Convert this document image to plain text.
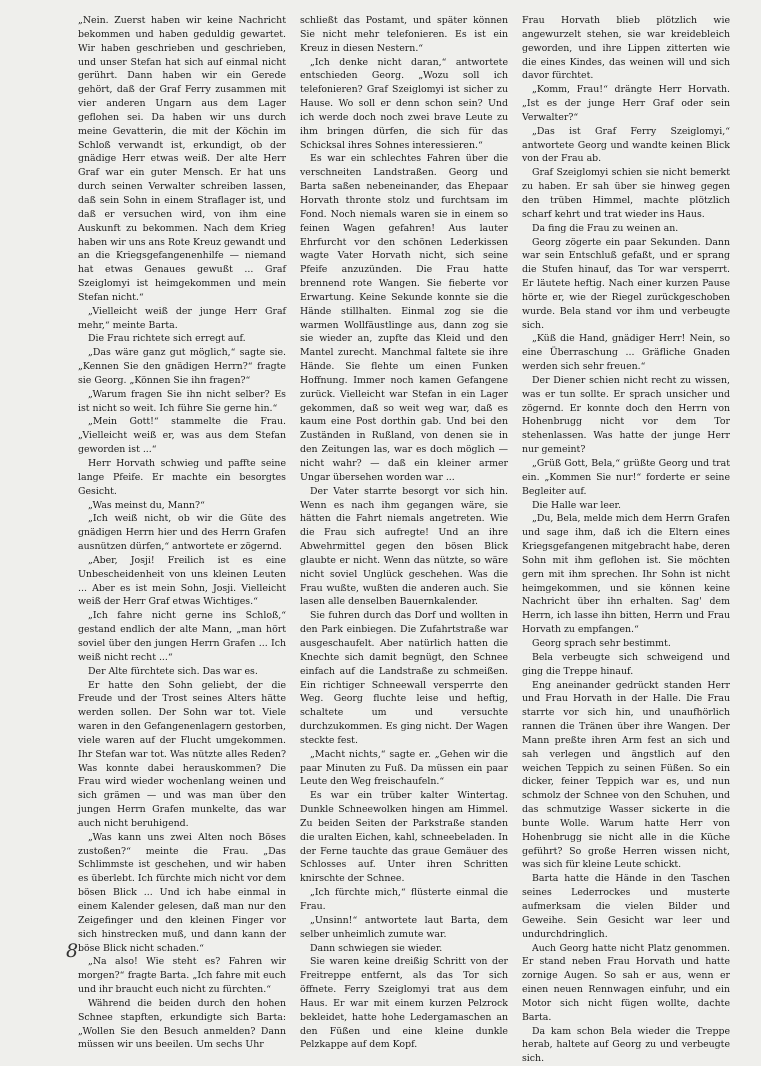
„Nein. Zuerst haben wir keine Nachricht bekommen und haben geduldig gewartet. Wir haben geschrieben und geschrieben, und unser Stefan hat sich auf einmal nicht gerührt. Dann haben wir ein Gerede gehört, daß der Graf Ferry zusammen mit vier anderen Ungarn aus dem Lager geflohen sei. Da haben wir uns durch meine Gevatterin, die mit der Köchin im Schloß verwandt ist, erkundigt, ob der gnädige Herr etwas weiß. Der alte Herr Graf war ein guter Mensch. Er hat uns durch seinen Verwalter schreiben lassen, daß sein Sohn in einem Straflager ist, und daß er versuchen wird, von ihm eine Auskunft zu bekommen. Nach dem Krieg haben wir uns ans Rote Kreuz gewandt und an die Kriegsgefangenenhilfe — niemand hat etwas Genaues gewußt ... Graf Szeiglomyi ist heimgekommen und mein Stefan nicht.“

„Vielleicht weiß der junge Herr Graf mehr,“ meinte Barta.

Die Frau richtete sich erregt auf.

„Das wäre ganz gut möglich,“ sagte sie. „Kennen Sie den gnädigen Herrn?“ fragte sie Georg. „Können Sie ihn fragen?“

„Warum fragen Sie ihn nicht selber? Es ist nicht so weit. Ich führe Sie gerne hin.“

„Mein Gott!“ stammelte die Frau. „Vielleicht weiß er, was aus dem Stefan geworden ist ...“

Herr Horvath schwieg und paffte seine lange Pfeife. Er machte ein besorgtes Gesicht.

„Was meinst du, Mann?“

„Ich weiß nicht, ob wir die Güte des gnädigen Herrn hier und des Herrn Grafen ausnützen dürfen,“ antwortete er zögernd.

„Aber, Josji! Freilich ist es eine Unbescheidenheit von uns kleinen Leuten ... Aber es ist mein Sohn, Josji. Vielleicht weiß der Herr Graf etwas Wichtiges.“

„Ich fahre nicht gerne ins Schloß,“ gestand endlich der alte Mann, „man hört soviel über den jungen Herrn Grafen ... Ich weiß nicht recht ...“

Der Alte fürchtete sich. Das war es.

Er hatte den Sohn geliebt, der die Freude und der Trost seines Alters hätte werden sollen. Der Sohn war tot. Viele waren in den Gefangenenlagern gestorben, viele waren auf der Flucht umgekommen. Ihr Stefan war tot. Was nützte alles Reden? Was konnte dabei herauskommen? Die Frau wird wieder wochenlang weinen und sich grämen — und was man über den jungen Herrn Grafen munkelte, das war auch nicht beruhigend.

„Was kann uns zwei Alten noch Böses zustoßen?“ meinte die Frau. „Das Schlimmste ist geschehen, und wir haben es überlebt. Ich fürchte mich nicht vor dem bösen Blick ... Und ich habe einmal in einem Kalender gelesen, daß man nur den Zeigefinger und den kleinen Finger vor sich hinstrecken muß, und dann kann der böse Blick nicht schaden.“

„Na also! Wie steht es? Fahren wir morgen?“ fragte Barta. „Ich fahre mit euch und ihr braucht euch nicht zu fürchten.“

Während die beiden durch den hohen Schnee stapften, erkundigte sich Barta: „Wollen Sie den Besuch anmelden? Dann müssen wir uns beeilen. Um sechs Uhr

schließt das Postamt, und später können Sie nicht mehr telefonieren. Es ist ein Kreuz in diesen Nestern.“

„Ich denke nicht daran,“ antwortete entschieden Georg. „Wozu soll ich telefonieren? Graf Szeiglomyi ist sicher zu Hause. Wo soll er denn schon sein? Und ich werde doch noch zwei brave Leute zu ihm bringen dürfen, die sich für das Schicksal ihres Sohnes interessieren.“

Es war ein schlechtes Fahren über die verschneiten Landstraßen. Georg und Barta saßen nebeneinander, das Ehepaar Horvath thronte stolz und furchtsam im Fond. Noch niemals waren sie in einem so feinen Wagen gefahren! Aus lauter Ehrfurcht vor den schönen Lederkissen wagte Vater Horvath nicht, sich seine Pfeife anzuzünden. Die Frau hatte brennend rote Wangen. Sie fieberte vor Erwartung. Keine Sekunde konnte sie die Hände stillhalten. Einmal zog sie die warmen Wollfäustlinge aus, dann zog sie sie wieder an, zupfte das Kleid und den Mantel zurecht. Manchmal faltete sie ihre Hände. Sie flehte um einen Funken Hoffnung. Immer noch kamen Gefangene zurück. Vielleicht war Stefan in ein Lager gekommen, daß so weit weg war, daß es kaum eine Post dorthin gab. Und bei den Zuständen in Rußland, von denen sie in den Zeitungen las, war es doch möglich — nicht wahr? — daß ein kleiner armer Ungar übersehen worden war ...

Der Vater starrte besorgt vor sich hin. Wenn es nach ihm gegangen wäre, sie hätten die Fahrt niemals angetreten. Wie die Frau sich aufregte! Und an ihre Abwehrmittel gegen den bösen Blick glaubte er nicht. Wenn das nützte, so wäre nicht soviel Unglück geschehen. Was die Frau wußte, wußten die anderen auch. Sie lasen alle denselben Bauernkalender.

Sie fuhren durch das Dorf und wollten in den Park einbiegen. Die Zufahrtstraße war ausgeschaufelt. Aber natürlich hatten die Knechte sich damit begnügt, den Schnee einfach auf die Landstraße zu schmeißen. Ein richtiger Schneewall versperrte den Weg. Georg fluchte leise und heftig, schaltete um und versuchte durchzukommen. Es ging nicht. Der Wagen steckte fest.

„Macht nichts,“ sagte er. „Gehen wir die paar Minuten zu Fuß. Da müssen ein paar Leute den Weg freischaufeln.“

Es war ein trüber kalter Wintertag. Dunkle Schneewolken hingen am Himmel. Zu beiden Seiten der Parkstraße standen die uralten Eichen, kahl, schneebeladen. In der Ferne tauchte das graue Gemäuer des Schlosses auf. Unter ihren Schritten knirschte der Schnee.

„Ich fürchte mich,“ flüsterte einmal die Frau.

„Unsinn!“ antwortete laut Barta, dem selber unheimlich zumute war.

Dann schwiegen sie wieder.

Sie waren keine dreißig Schritt von der Freitreppe entfernt, als das Tor sich öffnete. Ferry Szeiglomyi trat aus dem Haus. Er war mit einem kurzen Pelzrock bekleidet, hatte hohe Ledergamaschen an den Füßen und eine kleine dunkle Pelzkappe auf dem Kopf.

Frau Horvath blieb plötzlich wie angewurzelt stehen, sie war kreidebleich geworden, und ihre Lippen zitterten wie die eines Kindes, das weinen will und sich davor fürchtet.

„Komm, Frau!“ drängte Herr Horvath. „Ist es der junge Herr Graf oder sein Verwalter?“

„Das ist Graf Ferry Szeiglomyi,“ antwortete Georg und wandte keinen Blick von der Frau ab.

Graf Szeiglomyi schien sie nicht bemerkt zu haben. Er sah über sie hinweg gegen den trüben Himmel, machte plötzlich scharf kehrt und trat wieder ins Haus.

Da fing die Frau zu weinen an.

Georg zögerte ein paar Sekunden. Dann war sein Entschluß gefaßt, und er sprang die Stufen hinauf, das Tor war versperrt. Er läutete heftig. Nach einer kurzen Pause hörte er, wie der Riegel zurückgeschoben wurde. Bela stand vor ihm und verbeugte sich.

„Küß die Hand, gnädiger Herr! Nein, so eine Überraschung ... Gräfliche Gnaden werden sich sehr freuen.“

Der Diener schien nicht recht zu wissen, was er tun sollte. Er sprach unsicher und zögernd. Er konnte doch den Herrn von Hohenbrugg nicht vor dem Tor stehenlassen. Was hatte der junge Herr nur gemeint?

„Grüß Gott, Bela,“ grüßte Georg und trat ein. „Kommen Sie nur!“ forderte er seine Begleiter auf.

Die Halle war leer.

„Du, Bela, melde mich dem Herrn Grafen und sage ihm, daß ich die Eltern eines Kriegsgefangenen mitgebracht habe, deren Sohn mit ihm geflohen ist. Sie möchten gern mit ihm sprechen. Ihr Sohn ist nicht heimgekommen, und sie können keine Nachricht über ihn erhalten. Sag' dem Herrn, ich lasse ihn bitten, Herrn und Frau Horvath zu empfangen.“

Georg sprach sehr bestimmt.

Bela verbeugte sich schweigend und ging die Treppe hinauf.

Eng aneinander gedrückt standen Herr und Frau Horvath in der Halle. Die Frau starrte vor sich hin, und unaufhörlich rannen die Tränen über ihre Wangen. Der Mann preßte ihren Arm fest an sich und sah verlegen und ängstlich auf den weichen Teppich zu seinen Füßen. So ein dicker, feiner Teppich war es, und nun schmolz der Schnee von den Schuhen, und das schmutzige Wasser sickerte in die bunte Wolle. Warum hatte Herr von Hohenbrugg sie nicht alle in die Küche geführt? So große Herren wissen nicht, was sich für kleine Leute schickt.

Barta hatte die Hände in den Taschen seines Lederrockes und musterte aufmerksam die vielen Bilder und Geweihe. Sein Gesicht war leer und undurchdringlich.

Auch Georg hatte nicht Platz genommen. Er stand neben Frau Horvath und hatte zornige Augen. So sah er aus, wenn er einen neuen Rennwagen einfuhr, und ein Motor sich nicht fügen wollte, dachte Barta.

Da kam schon Bela wieder die Treppe herab, haltete auf Georg zu und verbeugte sich.

8
